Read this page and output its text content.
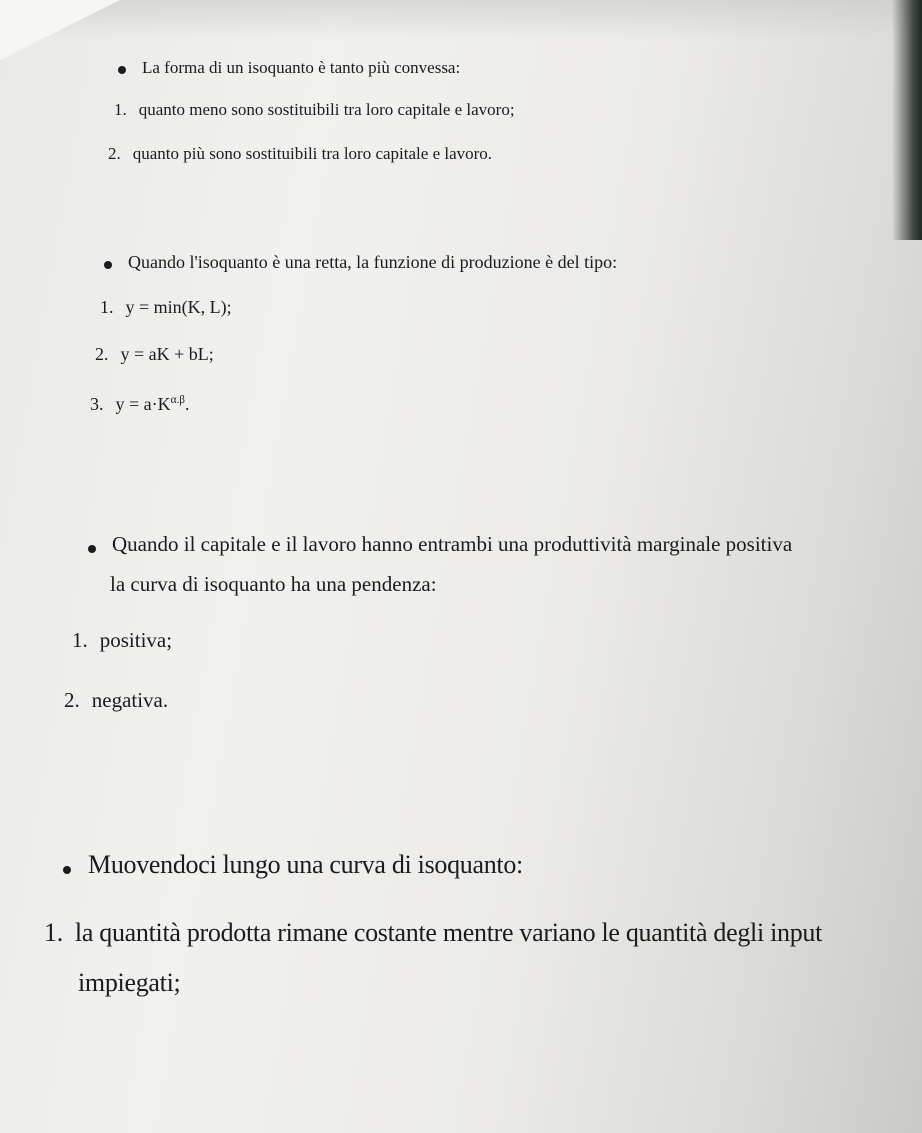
La forma di un isoquanto è tanto più convessa:
1. quanto meno sono sostituibili tra loro capitale e lavoro;
2. quanto più sono sostituibili tra loro capitale e lavoro.
Quando l'isoquanto è una retta, la funzione di produzione è del tipo:
1. y = min(K, L);
2. y = aK + bL;
3. $y = a\cdot K^{\alpha.\beta}$.
Quando il capitale e il lavoro hanno entrambi una produttività marginale positiva
la curva di isoquanto ha una pendenza:
1. positiva;
2. negativa.
Muovendoci lungo una curva di isoquanto:
1. la quantità prodotta rimane costante mentre variano le quantità degli input
impiegati;
